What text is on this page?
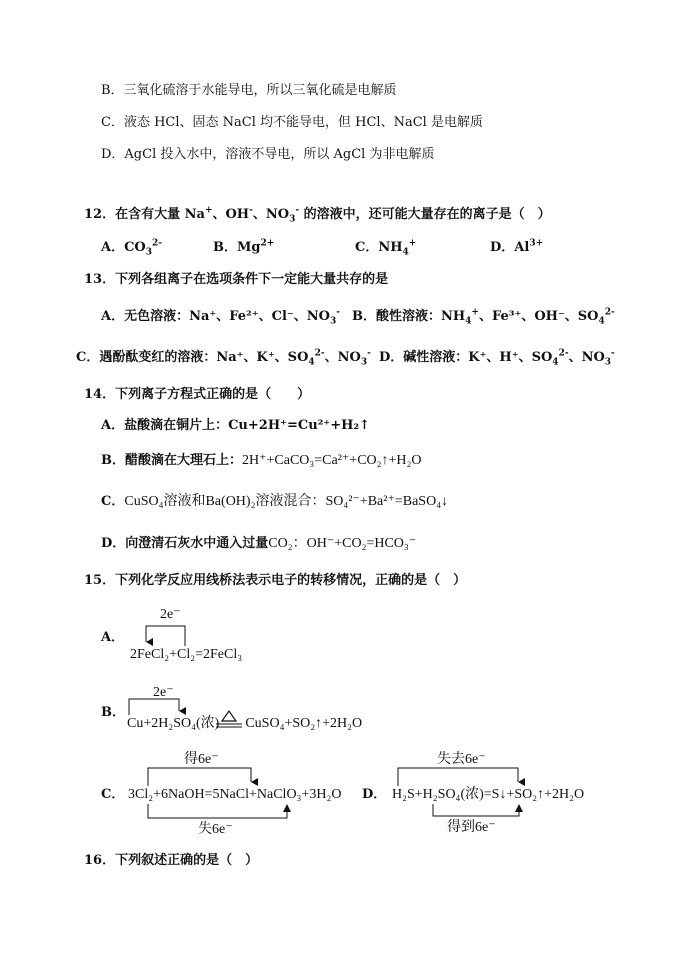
B．三氧化硫溶于水能导电，所以三氧化硫是电解质
C．液态 HCl、固态 NaCl 均不能导电，但 HCl、NaCl 是电解质
D．AgCl 投入水中，溶液不导电，所以 AgCl 为非电解质
12．在含有大量 Na+、OH-、$NO_3^-$ 的溶液中，还可能大量存在的离子是（　）
A．$CO_3^{2-}$	B．$Mg^{2+}$	C．$NH_4^+$	D．$Al^{3+}$
13．下列各组离子在选项条件下一定能大量共存的是
A．无色溶液：Na⁺、Fe²⁺、Cl⁻、$NO_3^-$ B．酸性溶液：$NH_4^+$、Fe³⁺、OH⁻、$SO_4^{2-}$
C．遇酚酞变红的溶液：Na⁺、K⁺、$SO_4^{2-}$、$NO_3^-$ D．碱性溶液：K⁺、H⁺、$SO_4^{2-}$、$NO_3^-$
14．下列离子方程式正确的是（　　）
A．盐酸滴在铜片上：Cu+2H⁺=Cu²⁺+H₂↑
B．醋酸滴在大理石上：2H⁺+CaCO₃=Ca²⁺+CO₂↑+H₂O
C．CuSO₄溶液和Ba(OH)₂溶液混合：SO₄²⁻+Ba²⁺=BaSO₄↓
D．向澄清石灰水中通入过量CO₂：OH⁻+CO₂=HCO₃⁻
15．下列化学反应用线桥法表示电子的转移情况，正确的是（　）
A．
2e⁻
2FeCl₂+Cl₂=2FeCl₃
B．
2e⁻
Cu+2H₂SO₄(浓) CuSO₄+SO₂↑+2H₂O
C．
得6e⁻
3Cl₂+6NaOH=5NaCl+NaClO₃+3H₂O
失6e⁻
D．
失去6e⁻
H₂S+H₂SO₄(浓)=S↓+SO₂↑+2H₂O
得到6e⁻
16．下列叙述正确的是（　）
